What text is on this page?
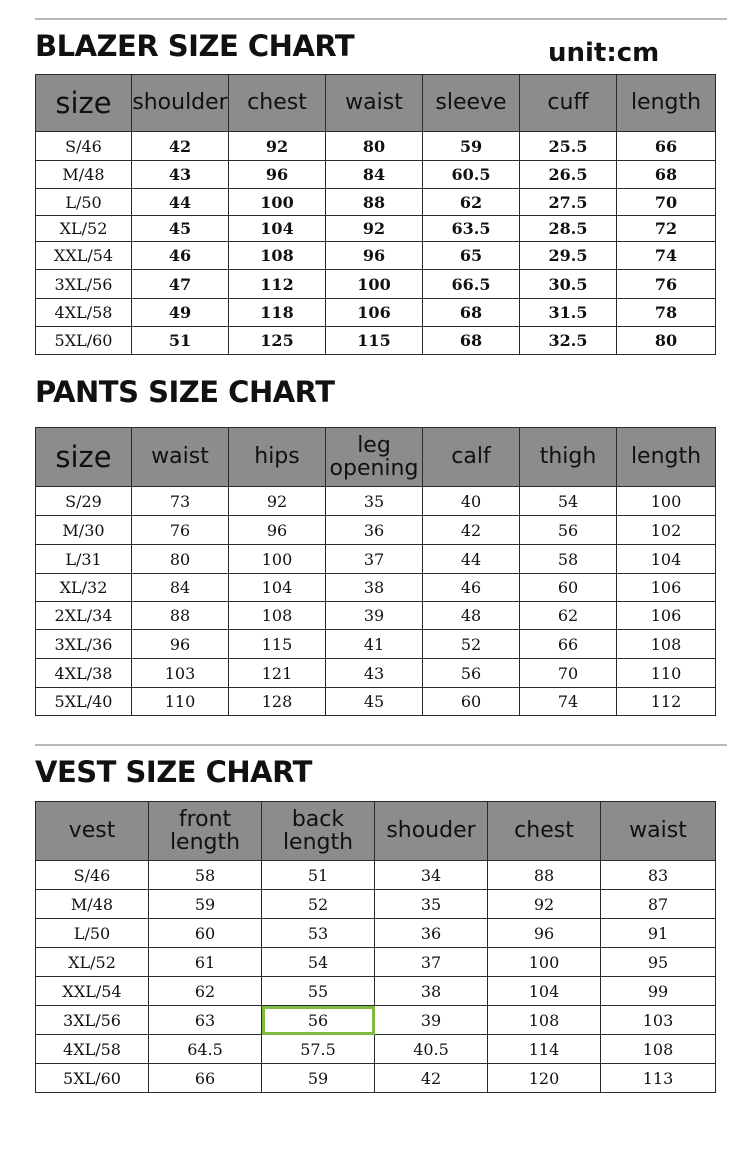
BLAZER SIZE CHART	unit:cm
size	shoulder	chest	waist	sleeve	cuff	length
S/46	42	92	80	59	25.5	66
M/48	43	96	84	60.5	26.5	68
L/50	44	100	88	62	27.5	70
XL/52	45	104	92	63.5	28.5	72
XXL/54	46	108	96	65	29.5	74
3XL/56	47	112	100	66.5	30.5	76
4XL/58	49	118	106	68	31.5	78
5XL/60	51	125	115	68	32.5	80
PANTS SIZE CHART
size	waist	hips	leg opening	calf	thigh	length
S/29	73	92	35	40	54	100
M/30	76	96	36	42	56	102
L/31	80	100	37	44	58	104
XL/32	84	104	38	46	60	106
2XL/34	88	108	39	48	62	106
3XL/36	96	115	41	52	66	108
4XL/38	103	121	43	56	70	110
5XL/40	110	128	45	60	74	112
VEST SIZE CHART
vest	front length	back length	shouder	chest	waist
S/46	58	51	34	88	83
M/48	59	52	35	92	87
L/50	60	53	36	96	91
XL/52	61	54	37	100	95
XXL/54	62	55	38	104	99
3XL/56	63	56	39	108	103
4XL/58	64.5	57.5	40.5	114	108
5XL/60	66	59	42	120	113
